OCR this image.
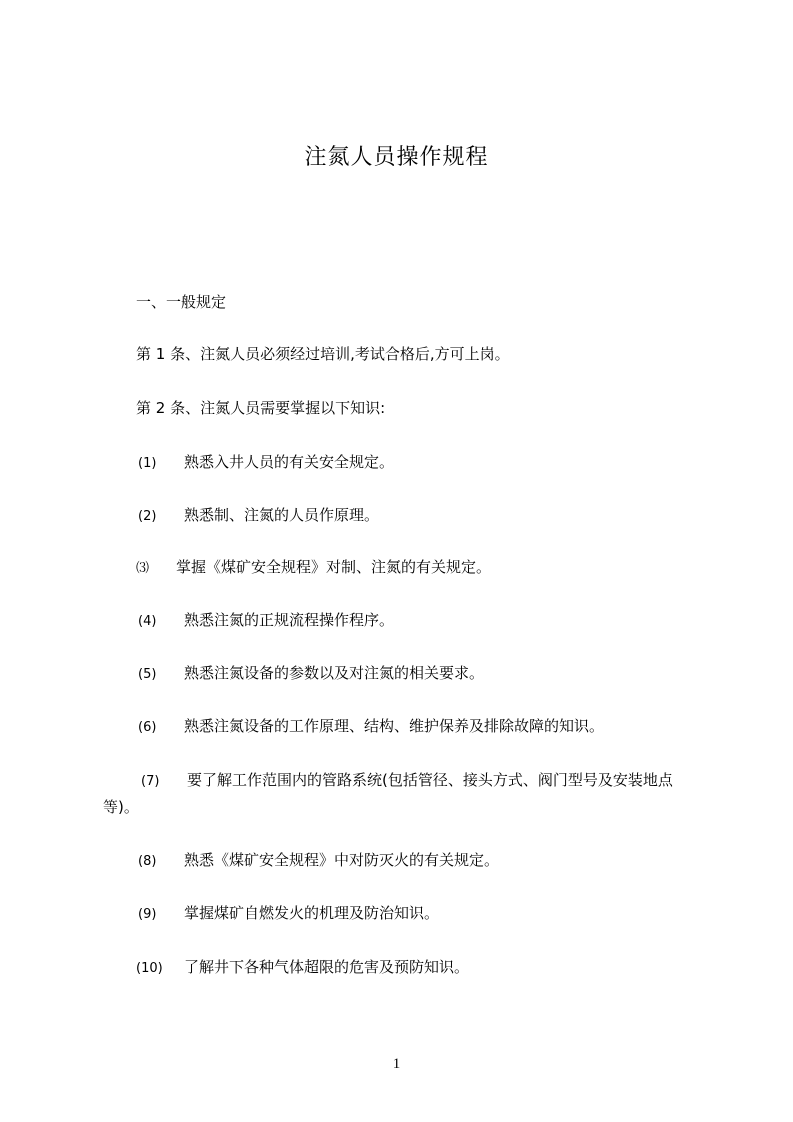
注氮人员操作规程
一、一般规定
第 1 条、注氮人员必须经过培训,考试合格后,方可上岗。
第 2 条、注氮人员需要掌握以下知识:
(1) 熟悉入井人员的有关安全规定。
(2) 熟悉制、注氮的人员作原理。
⑶ 掌握《煤矿安全规程》对制、注氮的有关规定。
(4) 熟悉注氮的正规流程操作程序。
(5) 熟悉注氮设备的参数以及对注氮的相关要求。
(6) 熟悉注氮设备的工作原理、结构、维护保养及排除故障的知识。
(7) 要了解工作范围内的管路系统(包括管径、接头方式、阀门型号及安装地点
等)。
(8) 熟悉《煤矿安全规程》中对防灭火的有关规定。
(9) 掌握煤矿自燃发火的机理及防治知识。
(10) 了解井下各种气体超限的危害及预防知识。
1
